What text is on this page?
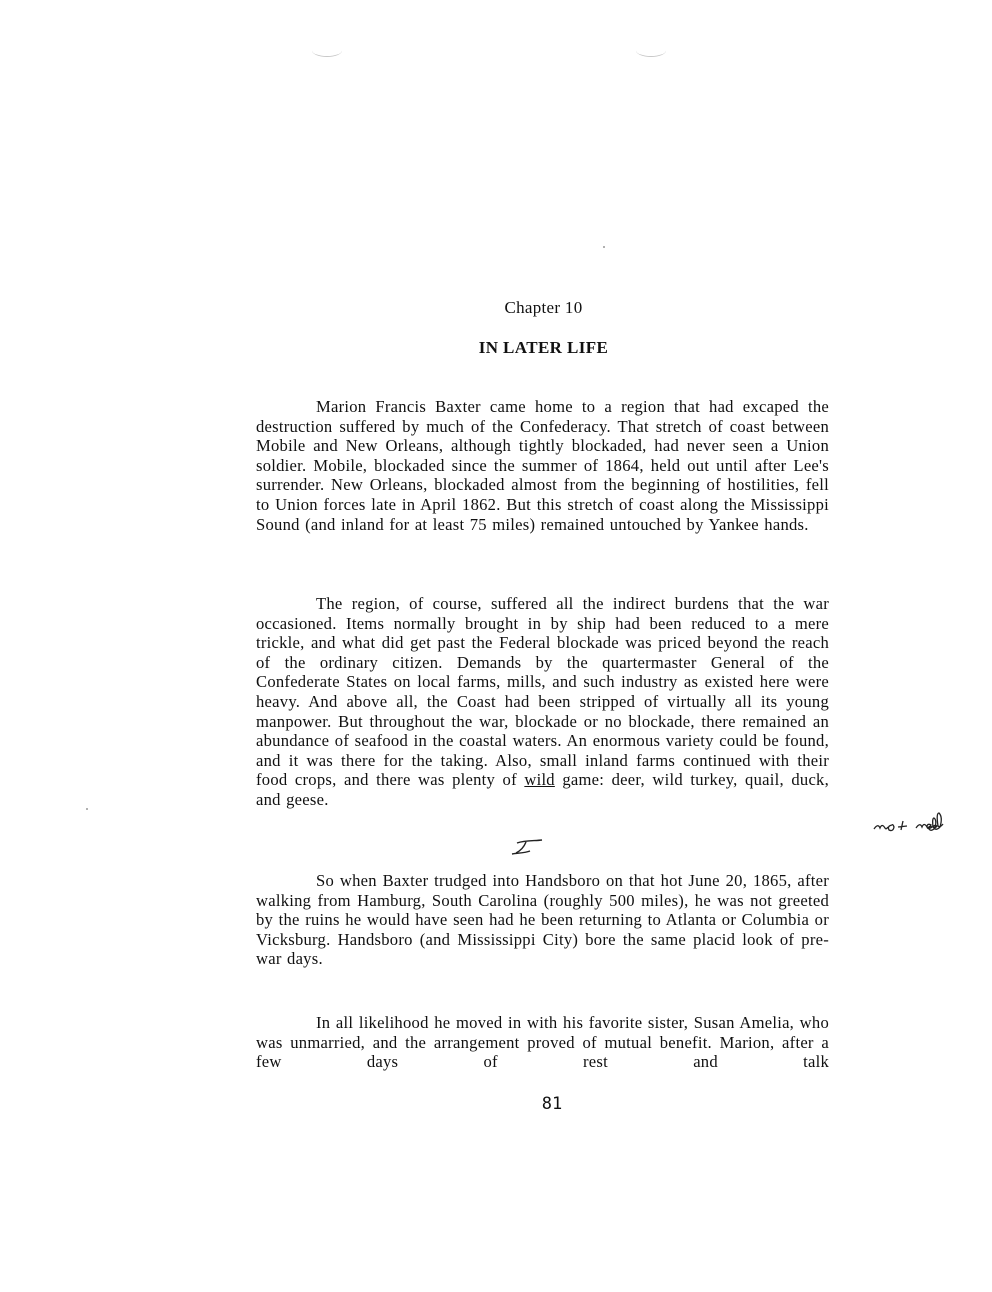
Chapter 10
IN LATER LIFE

Marion Francis Baxter came home to a region that had excaped the destruction suffered by much of the Confederacy. That stretch of coast between Mobile and New Orleans, although tightly blockaded, had never seen a Union soldier. Mobile, blockaded since the summer of 1864, held out until after Lee's surrender. New Orleans, blockaded almost from the beginning of hostilities, fell to Union forces late in April 1862. But this stretch of coast along the Mississippi Sound (and inland for at least 75 miles) remained untouched by Yankee hands.

The region, of course, suffered all the indirect burdens that the war occasioned. Items normally brought in by ship had been reduced to a mere trickle, and what did get past the Federal blockade was priced beyond the reach of the ordinary citizen. Demands by the quartermaster General of the Confederate States on local farms, mills, and such industry as existed here were heavy. And above all, the Coast had been stripped of virtually all its young manpower. But throughout the war, blockade or no blockade, there remained an abundance of seafood in the coastal waters. An enormous variety could be found, and it was there for the taking. Also, small inland farms continued with their food crops, and there was plenty of wild game: deer, wild turkey, quail, duck, and geese.

So when Baxter trudged into Handsboro on that hot June 20, 1865, after walking from Hamburg, South Carolina (roughly 500 miles), he was not greeted by the ruins he would have seen had he been returning to Atlanta or Columbia or Vicksburg. Handsboro (and Mississippi City) bore the same placid look of pre-war days.

In all likelihood he moved in with his favorite sister, Susan Amelia, who was unmarried, and the arrangement proved of mutual benefit. Marion, after a few days of rest and talk

81
